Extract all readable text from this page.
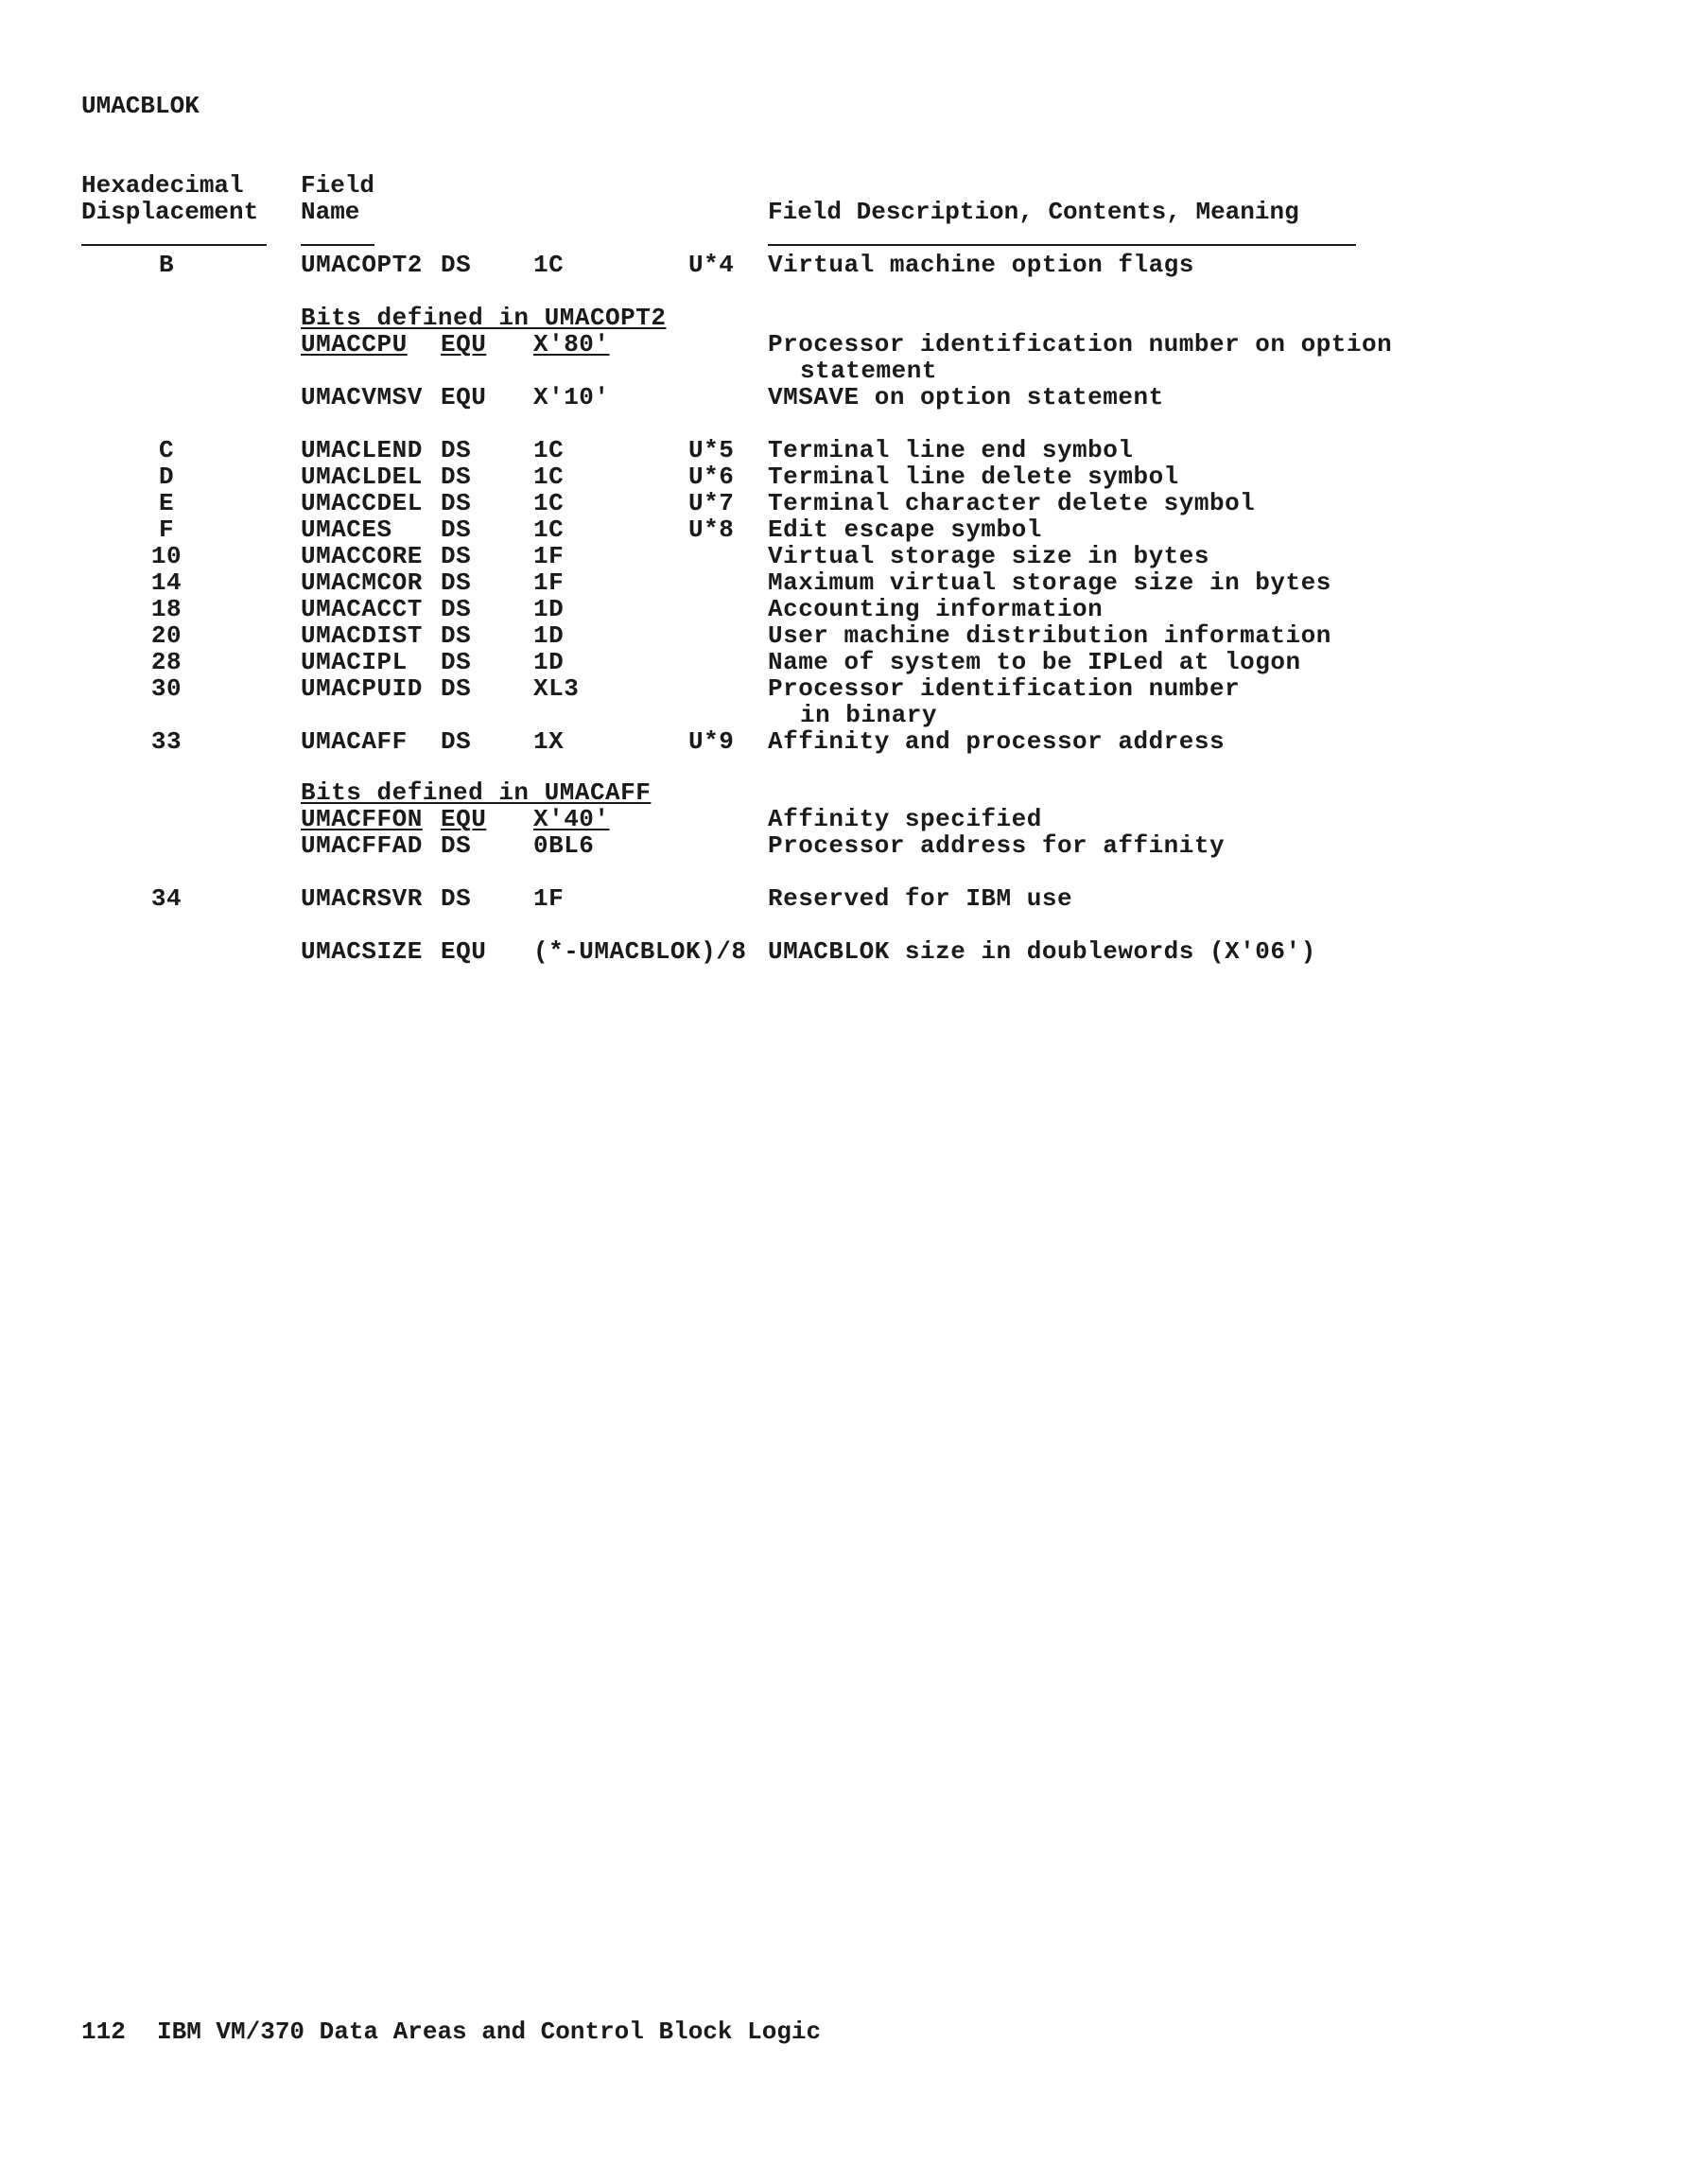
UMACBLOK
Hexadecimal
Displacement
Field
Name	Field Description, Contents, Meaning
B	UMACOPT2 DS	1C	U*4 Virtual machine option flags
Bits defined in UMACOPT2
UMACCPU EQU X'80'	Processor identification number on option
statement
UMACVMSV EQU X'10'	VMSAVE on option statement
C	UMACLEND DS	1C	U*5 Terminal line end symbol
D	UMACLDEL DS	1C	U*6 Terminal line delete symbol
E	UMACCDEL DS	1C	U*7 Terminal character delete symbol
F	UMACES DS	1C	U*8 Edit escape symbol
10	UMACCORE DS	1F	Virtual storage size in bytes
14	UMACMCOR DS	1F	Maximum virtual storage size in bytes
18	UMACACCT DS	1D	Accounting information
20	UMACDIST DS	1D	User machine distribution information
28	UMACIPL DS	1D	Name of system to be IPLed at logon
30	UMACPUID DS	XL3	Processor identification number
in binary
33	UMACAFF DS	1X	U*9 Affinity and processor address
Bits defined in UMACAFF
UMACFFON EQU X'40'	Affinity specified
UMACFFAD DS	0BL6	Processor address for affinity
34	UMACRSVR DS	1F	Reserved for IBM use
UMACSIZE EQU (*-UMACBLOK)/8 UMACBLOK size in doublewords (X'06')
112 IBM VM/370 Data Areas and Control Block Logic
